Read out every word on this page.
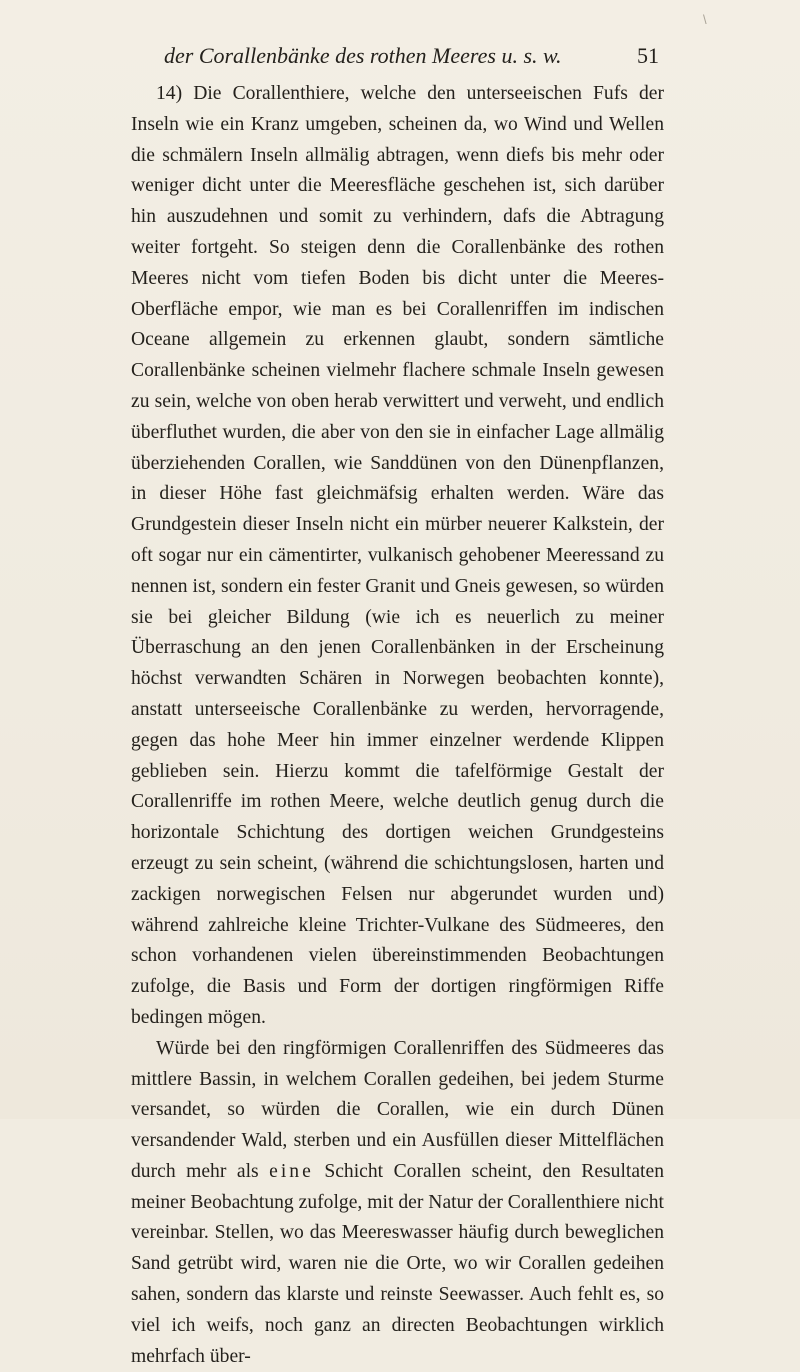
\
der Corallenbänke des rothen Meeres u. s. w.	51

14) Die Corallenthiere, welche den unterseeischen Fufs der Inseln wie ein Kranz umgeben, scheinen da, wo Wind und Wellen die schmälern Inseln allmälig abtragen, wenn diefs bis mehr oder weniger dicht unter die Meeresfläche geschehen ist, sich darüber hin auszudehnen und somit zu verhindern, dafs die Abtragung weiter fortgeht. So steigen denn die Corallenbänke des rothen Meeres nicht vom tiefen Boden bis dicht unter die Meeres-Oberfläche empor, wie man es bei Corallenriffen im indischen Oceane allgemein zu erkennen glaubt, sondern sämtliche Corallenbänke scheinen vielmehr flachere schmale Inseln gewesen zu sein, welche von oben herab verwittert und verweht, und endlich überfluthet wurden, die aber von den sie in einfacher Lage allmälig überziehenden Corallen, wie Sanddünen von den Dünenpflanzen, in dieser Höhe fast gleichmäfsig erhalten werden. Wäre das Grundgestein dieser Inseln nicht ein mürber neuerer Kalkstein, der oft sogar nur ein cämentirter, vulkanisch gehobener Meeressand zu nennen ist, sondern ein fester Granit und Gneis gewesen, so würden sie bei gleicher Bildung (wie ich es neuerlich zu meiner Überraschung an den jenen Corallenbänken in der Erscheinung höchst verwandten Schären in Norwegen beobachten konnte), anstatt unterseeische Corallenbänke zu werden, hervorragende, gegen das hohe Meer hin immer einzelner werdende Klippen geblieben sein. Hierzu kommt die tafelförmige Gestalt der Corallenriffe im rothen Meere, welche deutlich genug durch die horizontale Schichtung des dortigen weichen Grundgesteins erzeugt zu sein scheint, (während die schichtungslosen, harten und zackigen norwegischen Felsen nur abgerundet wurden und) während zahlreiche kleine Trichter-Vulkane des Südmeeres, den schon vorhandenen vielen übereinstimmenden Beobachtungen zufolge, die Basis und Form der dortigen ringförmigen Riffe bedingen mögen.

Würde bei den ringförmigen Corallenriffen des Südmeeres das mittlere Bassin, in welchem Corallen gedeihen, bei jedem Sturme versandet, so würden die Corallen, wie ein durch Dünen versandender Wald, sterben und ein Ausfüllen dieser Mittelflächen durch mehr als eine Schicht Corallen scheint, den Resultaten meiner Beobachtung zufolge, mit der Natur der Corallenthiere nicht vereinbar. Stellen, wo das Meereswasser häufig durch beweglichen Sand getrübt wird, waren nie die Orte, wo wir Corallen gedeihen sahen, sondern das klarste und reinste Seewasser. Auch fehlt es, so viel ich weifs, noch ganz an directen Beobachtungen wirklich mehrfach über-
